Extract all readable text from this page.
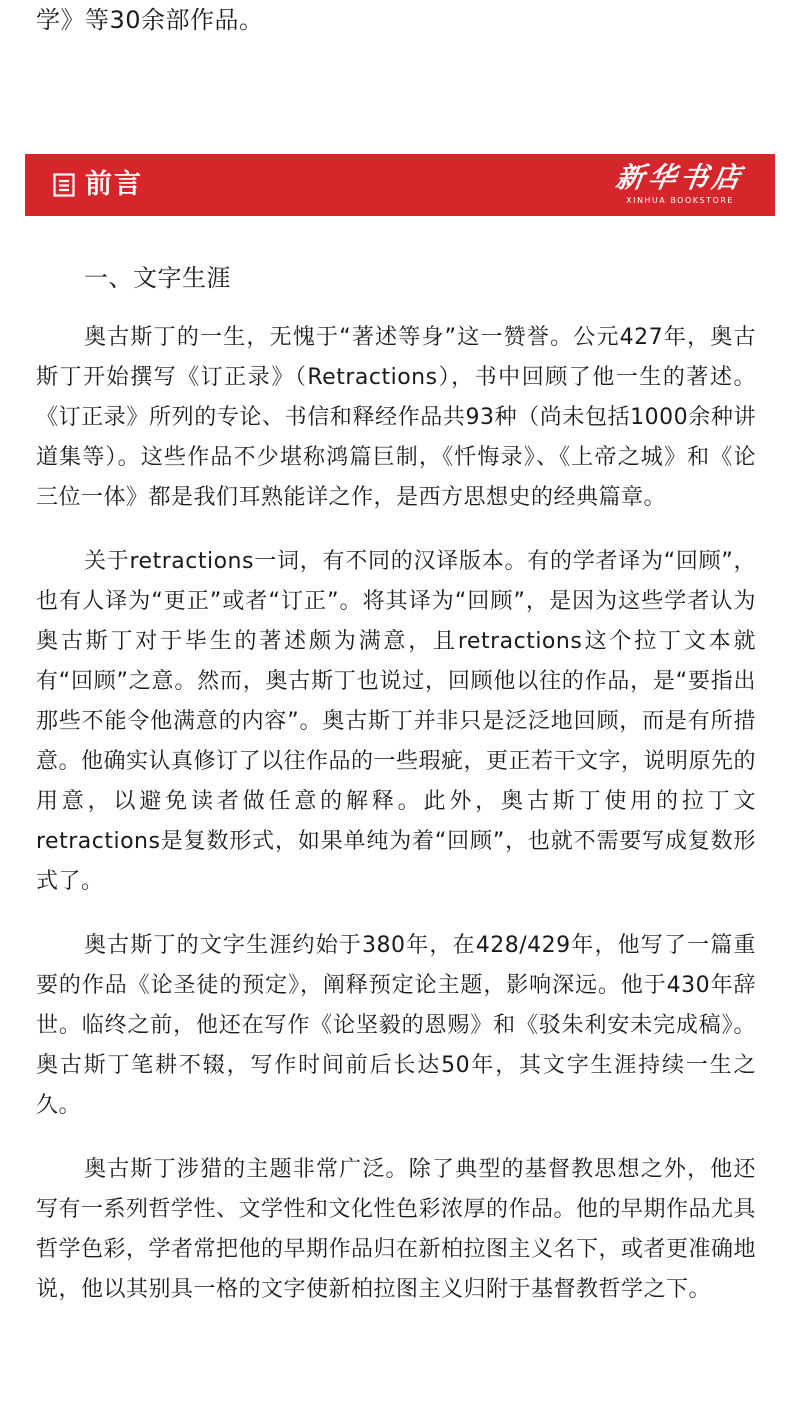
学》等30余部作品。
前言	新华书店
XINHUA BOOKSTORE
一、文字生涯

奥古斯丁的一生，无愧于“著述等身”这一赞誉。公元427年，奥古斯丁开始撰写《订正录》（Retractions），书中回顾了他一生的著述。《订正录》所列的专论、书信和释经作品共93种（尚未包括1000余种讲道集等）。这些作品不少堪称鸿篇巨制，《忏悔录》、《上帝之城》和《论三位一体》都是我们耳熟能详之作，是西方思想史的经典篇章。

关于retractions一词，有不同的汉译版本。有的学者译为“回顾”，也有人译为“更正”或者“订正”。将其译为“回顾”，是因为这些学者认为奥古斯丁对于毕生的著述颇为满意，且retractions这个拉丁文本就有“回顾”之意。然而，奥古斯丁也说过，回顾他以往的作品，是“要指出那些不能令他满意的内容”。奥古斯丁并非只是泛泛地回顾，而是有所措意。他确实认真修订了以往作品的一些瑕疵，更正若干文字，说明原先的用意，以避免读者做任意的解释。此外，奥古斯丁使用的拉丁文retractions是复数形式，如果单纯为着“回顾”，也就不需要写成复数形式了。

奥古斯丁的文字生涯约始于380年，在428/429年，他写了一篇重要的作品《论圣徒的预定》，阐释预定论主题，影响深远。他于430年辞世。临终之前，他还在写作《论坚毅的恩赐》和《驳朱利安未完成稿》。奥古斯丁笔耕不辍，写作时间前后长达50年，其文字生涯持续一生之久。

奥古斯丁涉猎的主题非常广泛。除了典型的基督教思想之外，他还写有一系列哲学性、文学性和文化性色彩浓厚的作品。他的早期作品尤具哲学色彩，学者常把他的早期作品归在新柏拉图主义名下，或者更准确地说，他以其别具一格的文字使新柏拉图主义归附于基督教哲学之下。
